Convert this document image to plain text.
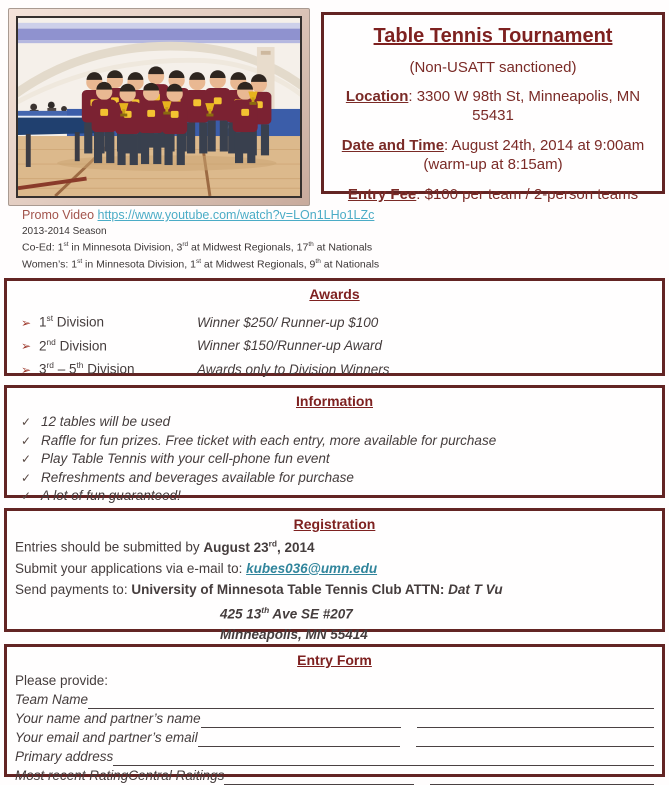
Table Tennis Tournament
(Non-USATT sanctioned)
Location: 3300 W 98th St, Minneapolis, MN 55431
Date and Time: August 24th, 2014 at 9:00am
(warm-up at 8:15am)
Entry Fee: $100 per team / 2-person teams
Promo Video https://www.youtube.com/watch?v=LOn1LHo1LZc
2013-2014 Season
Co-Ed: 1st in Minnesota Division, 3rd at Midwest Regionals, 17th at Nationals
Women’s: 1st in Minnesota Division, 1st at Midwest Regionals, 9th at Nationals
Awards
➢ 1st Division	Winner $250/ Runner-up $100
➢ 2nd Division	Winner $150/Runner-up Award
➢ 3rd – 5th Division	Awards only to Division Winners
Information
✓ 12 tables will be used
✓ Raffle for fun prizes. Free ticket with each entry, more available for purchase
✓ Play Table Tennis with your cell-phone fun event
✓ Refreshments and beverages available for purchase
✓ A lot of fun guaranteed!
Registration
Entries should be submitted by August 23rd, 2014
Submit your applications via e-mail to: kubes036@umn.edu
Send payments to: University of Minnesota Table Tennis Club ATTN: Dat T Vu
425 13th Ave SE #207
Minneapolis, MN 55414
Entry Form
Please provide:
Team Name
Your name and partner’s name
Your email and partner’s email
Primary address
Most recent RatingCentral Raitings
